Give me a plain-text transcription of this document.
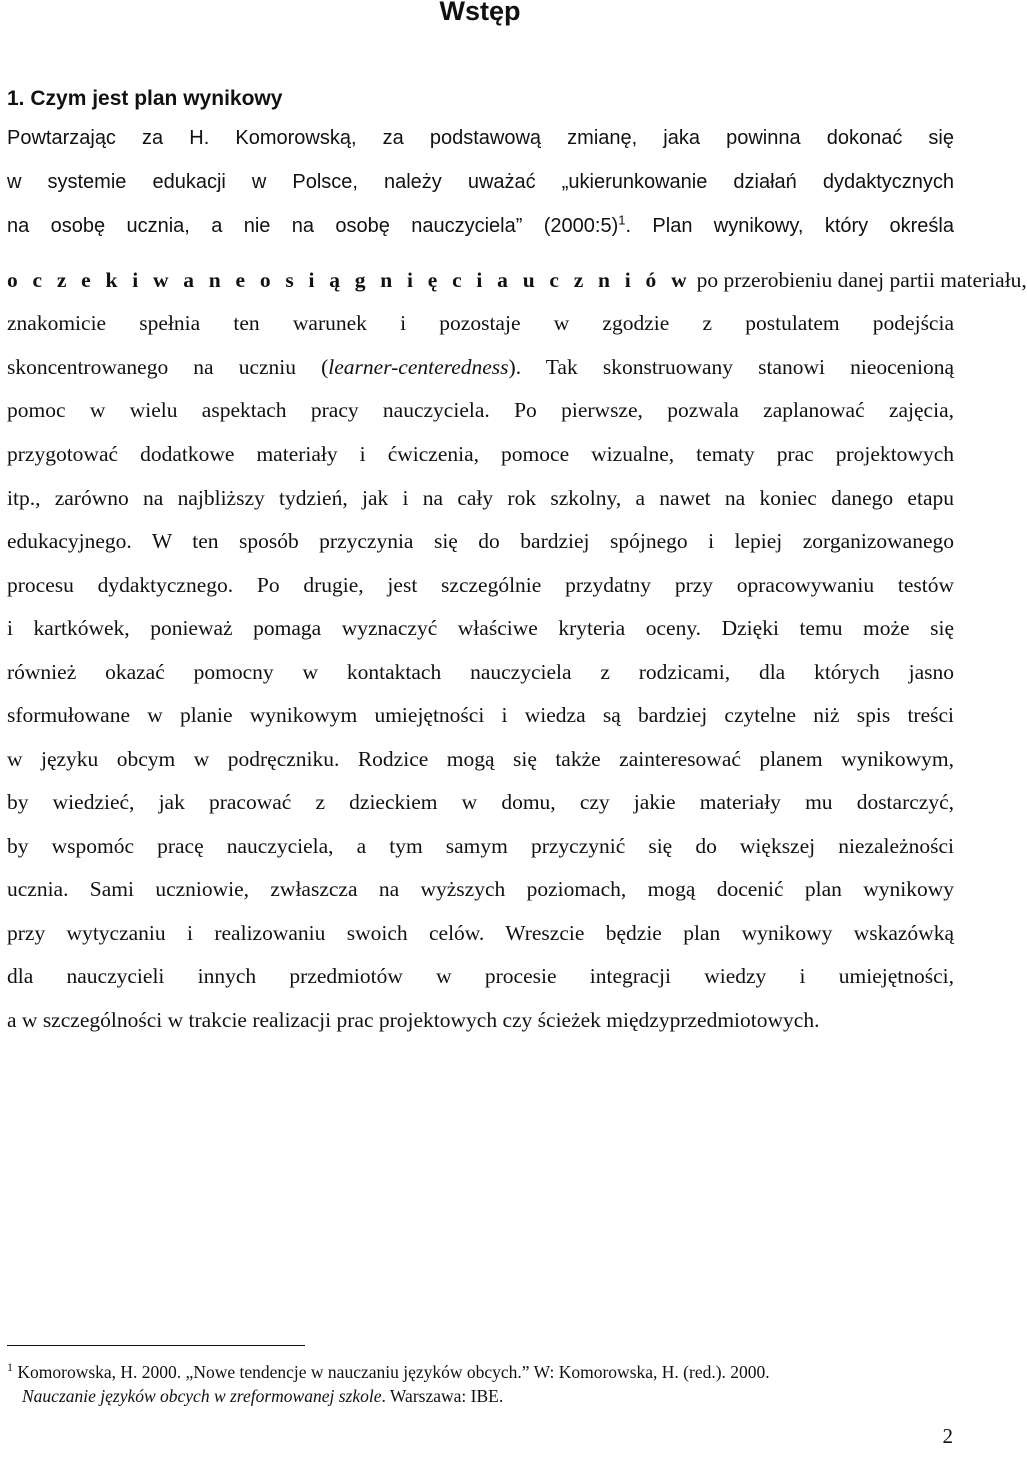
Wstęp
1. Czym jest plan wynikowy

Powtarzając za H. Komorowską, za podstawową zmianę, jaka powinna dokonać się

w systemie edukacji w Polsce, należy uważać „ukierunkowanie działań dydaktycznych

na osobę ucznia, a nie na osobę nauczyciela” (2000:5)$^1$. Plan wynikowy, który określa

o c z e k i w a n e o s i ą g n i ę c i a u c z n i ó w po przerobieniu danej partii materiału,

znakomicie spełnia ten warunek i pozostaje w zgodzie z postulatem podejścia

skoncentrowanego na uczniu (learner-centeredness). Tak skonstruowany stanowi nieocenioną

pomoc w wielu aspektach pracy nauczyciela. Po pierwsze, pozwala zaplanować zajęcia,

przygotować dodatkowe materiały i ćwiczenia, pomoce wizualne, tematy prac projektowych

itp., zarówno na najbliższy tydzień, jak i na cały rok szkolny, a nawet na koniec danego etapu

edukacyjnego. W ten sposób przyczynia się do bardziej spójnego i lepiej zorganizowanego

procesu dydaktycznego. Po drugie, jest szczególnie przydatny przy opracowywaniu testów

i kartkówek, ponieważ pomaga wyznaczyć właściwe kryteria oceny. Dzięki temu może się

również okazać pomocny w kontaktach nauczyciela z rodzicami, dla których jasno

sformułowane w planie wynikowym umiejętności i wiedza są bardziej czytelne niż spis treści

w języku obcym w podręczniku. Rodzice mogą się także zainteresować planem wynikowym,

by wiedzieć, jak pracować z dzieckiem w domu, czy jakie materiały mu dostarczyć,

by wspomóc pracę nauczyciela, a tym samym przyczynić się do większej niezależności

ucznia. Sami uczniowie, zwłaszcza na wyższych poziomach, mogą docenić plan wynikowy

przy wytyczaniu i realizowaniu swoich celów. Wreszcie będzie plan wynikowy wskazówką

dla nauczycieli innych przedmiotów w procesie integracji wiedzy i umiejętności,

a w szczególności w trakcie realizacji prac projektowych czy ścieżek międzyprzedmiotowych.

$^1$ Komorowska, H. 2000. „Nowe tendencje w nauczaniu języków obcych.” W: Komorowska, H. (red.). 2000.

Nauczanie języków obcych w zreformowanej szkole. Warszawa: IBE.

2
